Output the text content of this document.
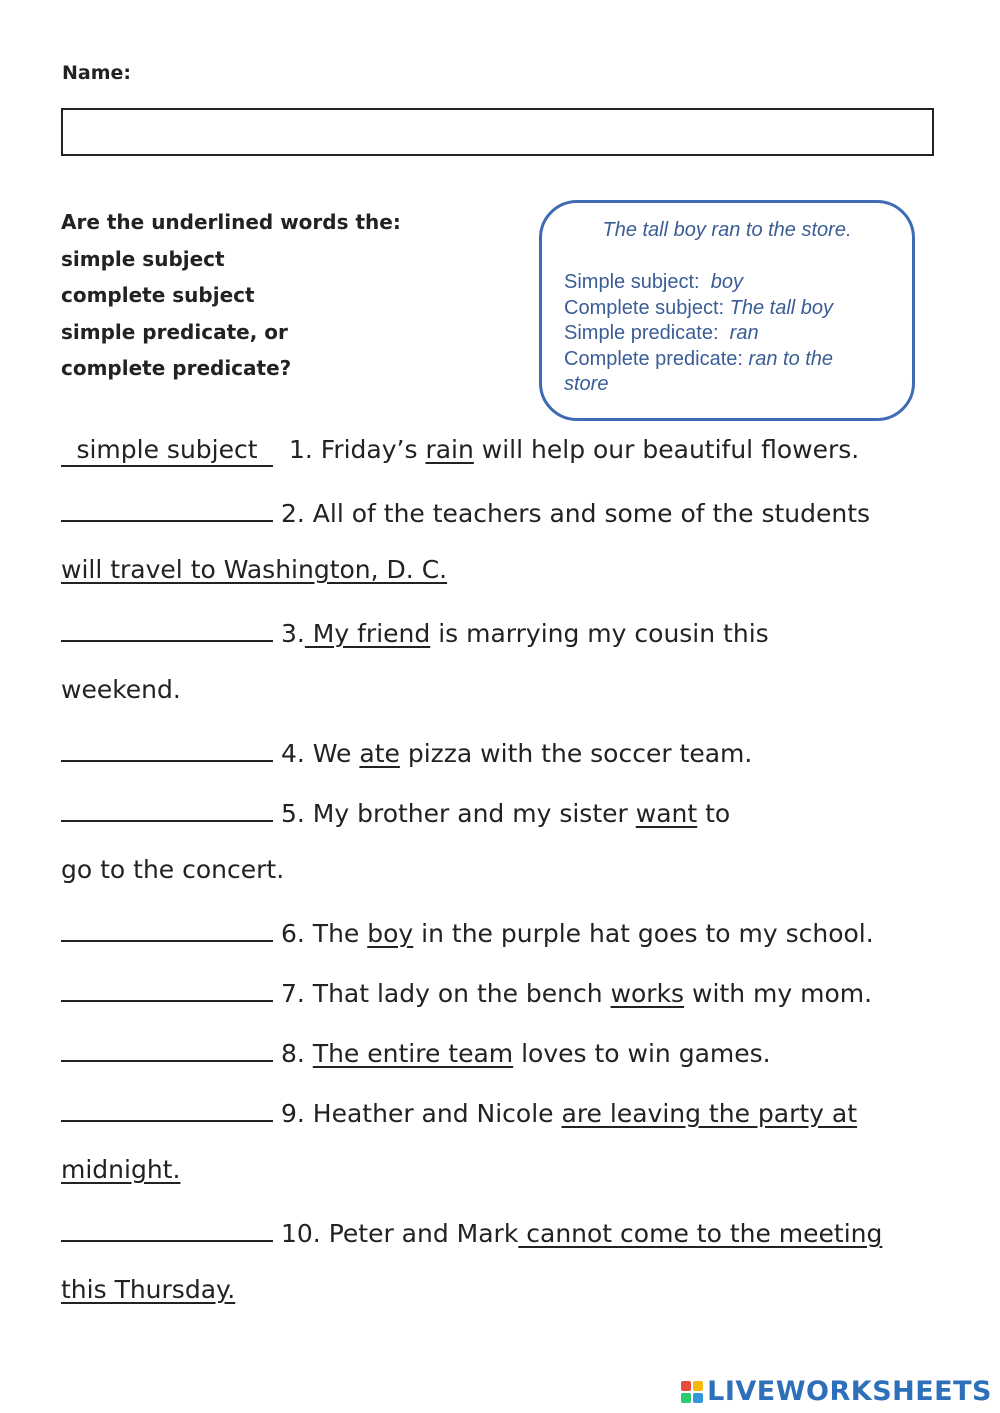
Name:
Are the underlined words the:
simple subject
complete subject
simple predicate, or
complete predicate?
The tall boy ran to the store.
Simple subject: boy
Complete subject: The tall boy
Simple predicate: ran
Complete predicate: ran to the
store
simple subject 1. Friday’s rain will help our beautiful flowers.
2. All of the teachers and some of the students
will travel to Washington, D. C.
3. My friend is marrying my cousin this
weekend.
4. We ate pizza with the soccer team.
5. My brother and my sister want to
go to the concert.
6. The boy in the purple hat goes to my school.
7. That lady on the bench works with my mom.
8. The entire team loves to win games.
9. Heather and Nicole are leaving the party at
midnight.
10. Peter and Mark cannot come to the meeting
this Thursday.
LIVEWORKSHEETS
